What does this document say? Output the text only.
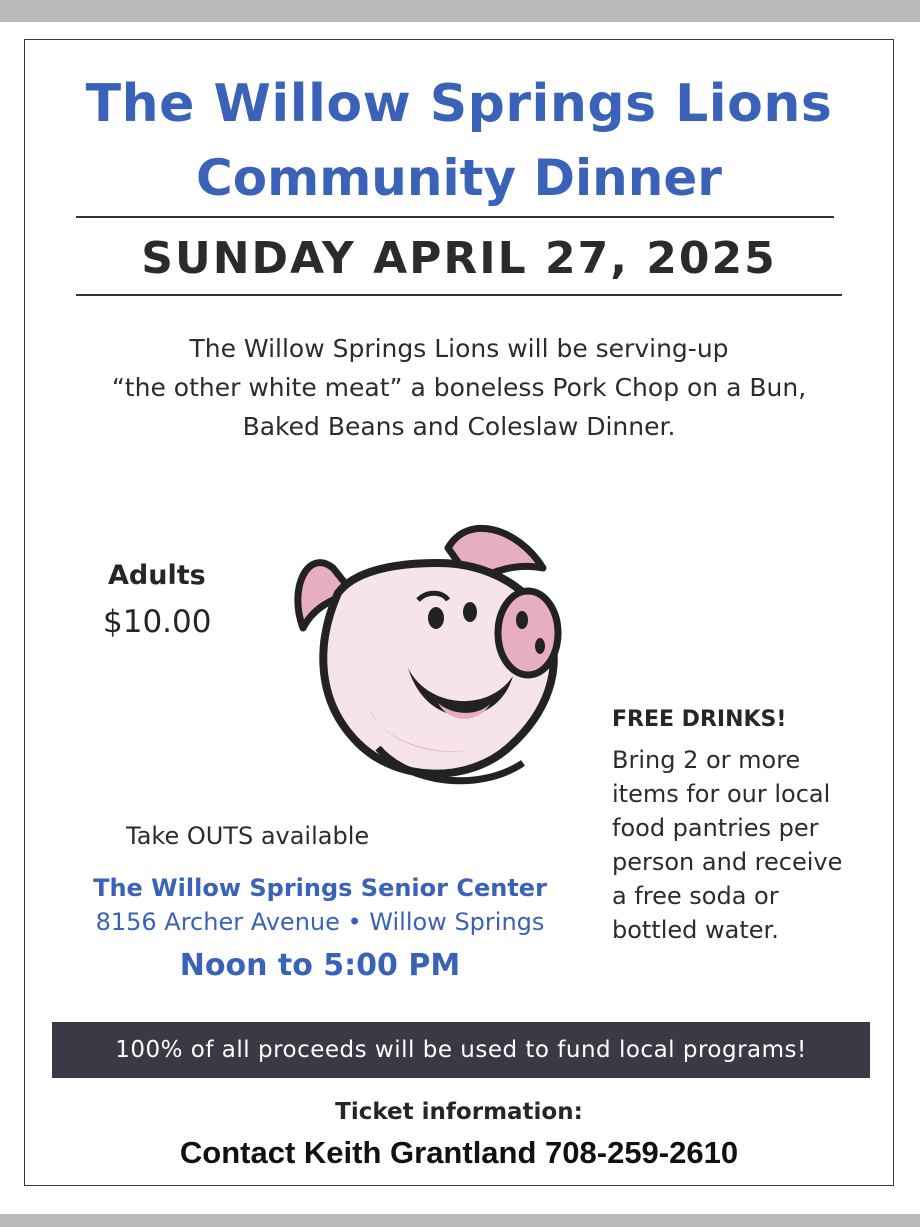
The Willow Springs Lions
Community Dinner
SUNDAY APRIL 27, 2025
The Willow Springs Lions will be serving-up
“the other white meat” a boneless Pork Chop on a Bun,
Baked Beans and Coleslaw Dinner.
Adults
$10.00
FREE DRINKS!
Bring 2 or more
items for our local
food pantries per
person and receive
a free soda or
bottled water.
Take OUTS available
The Willow Springs Senior Center
8156 Archer Avenue • Willow Springs
Noon to 5:00 PM
100% of all proceeds will be used to fund local programs!
Ticket information:
Contact Keith Grantland 708-259-2610
